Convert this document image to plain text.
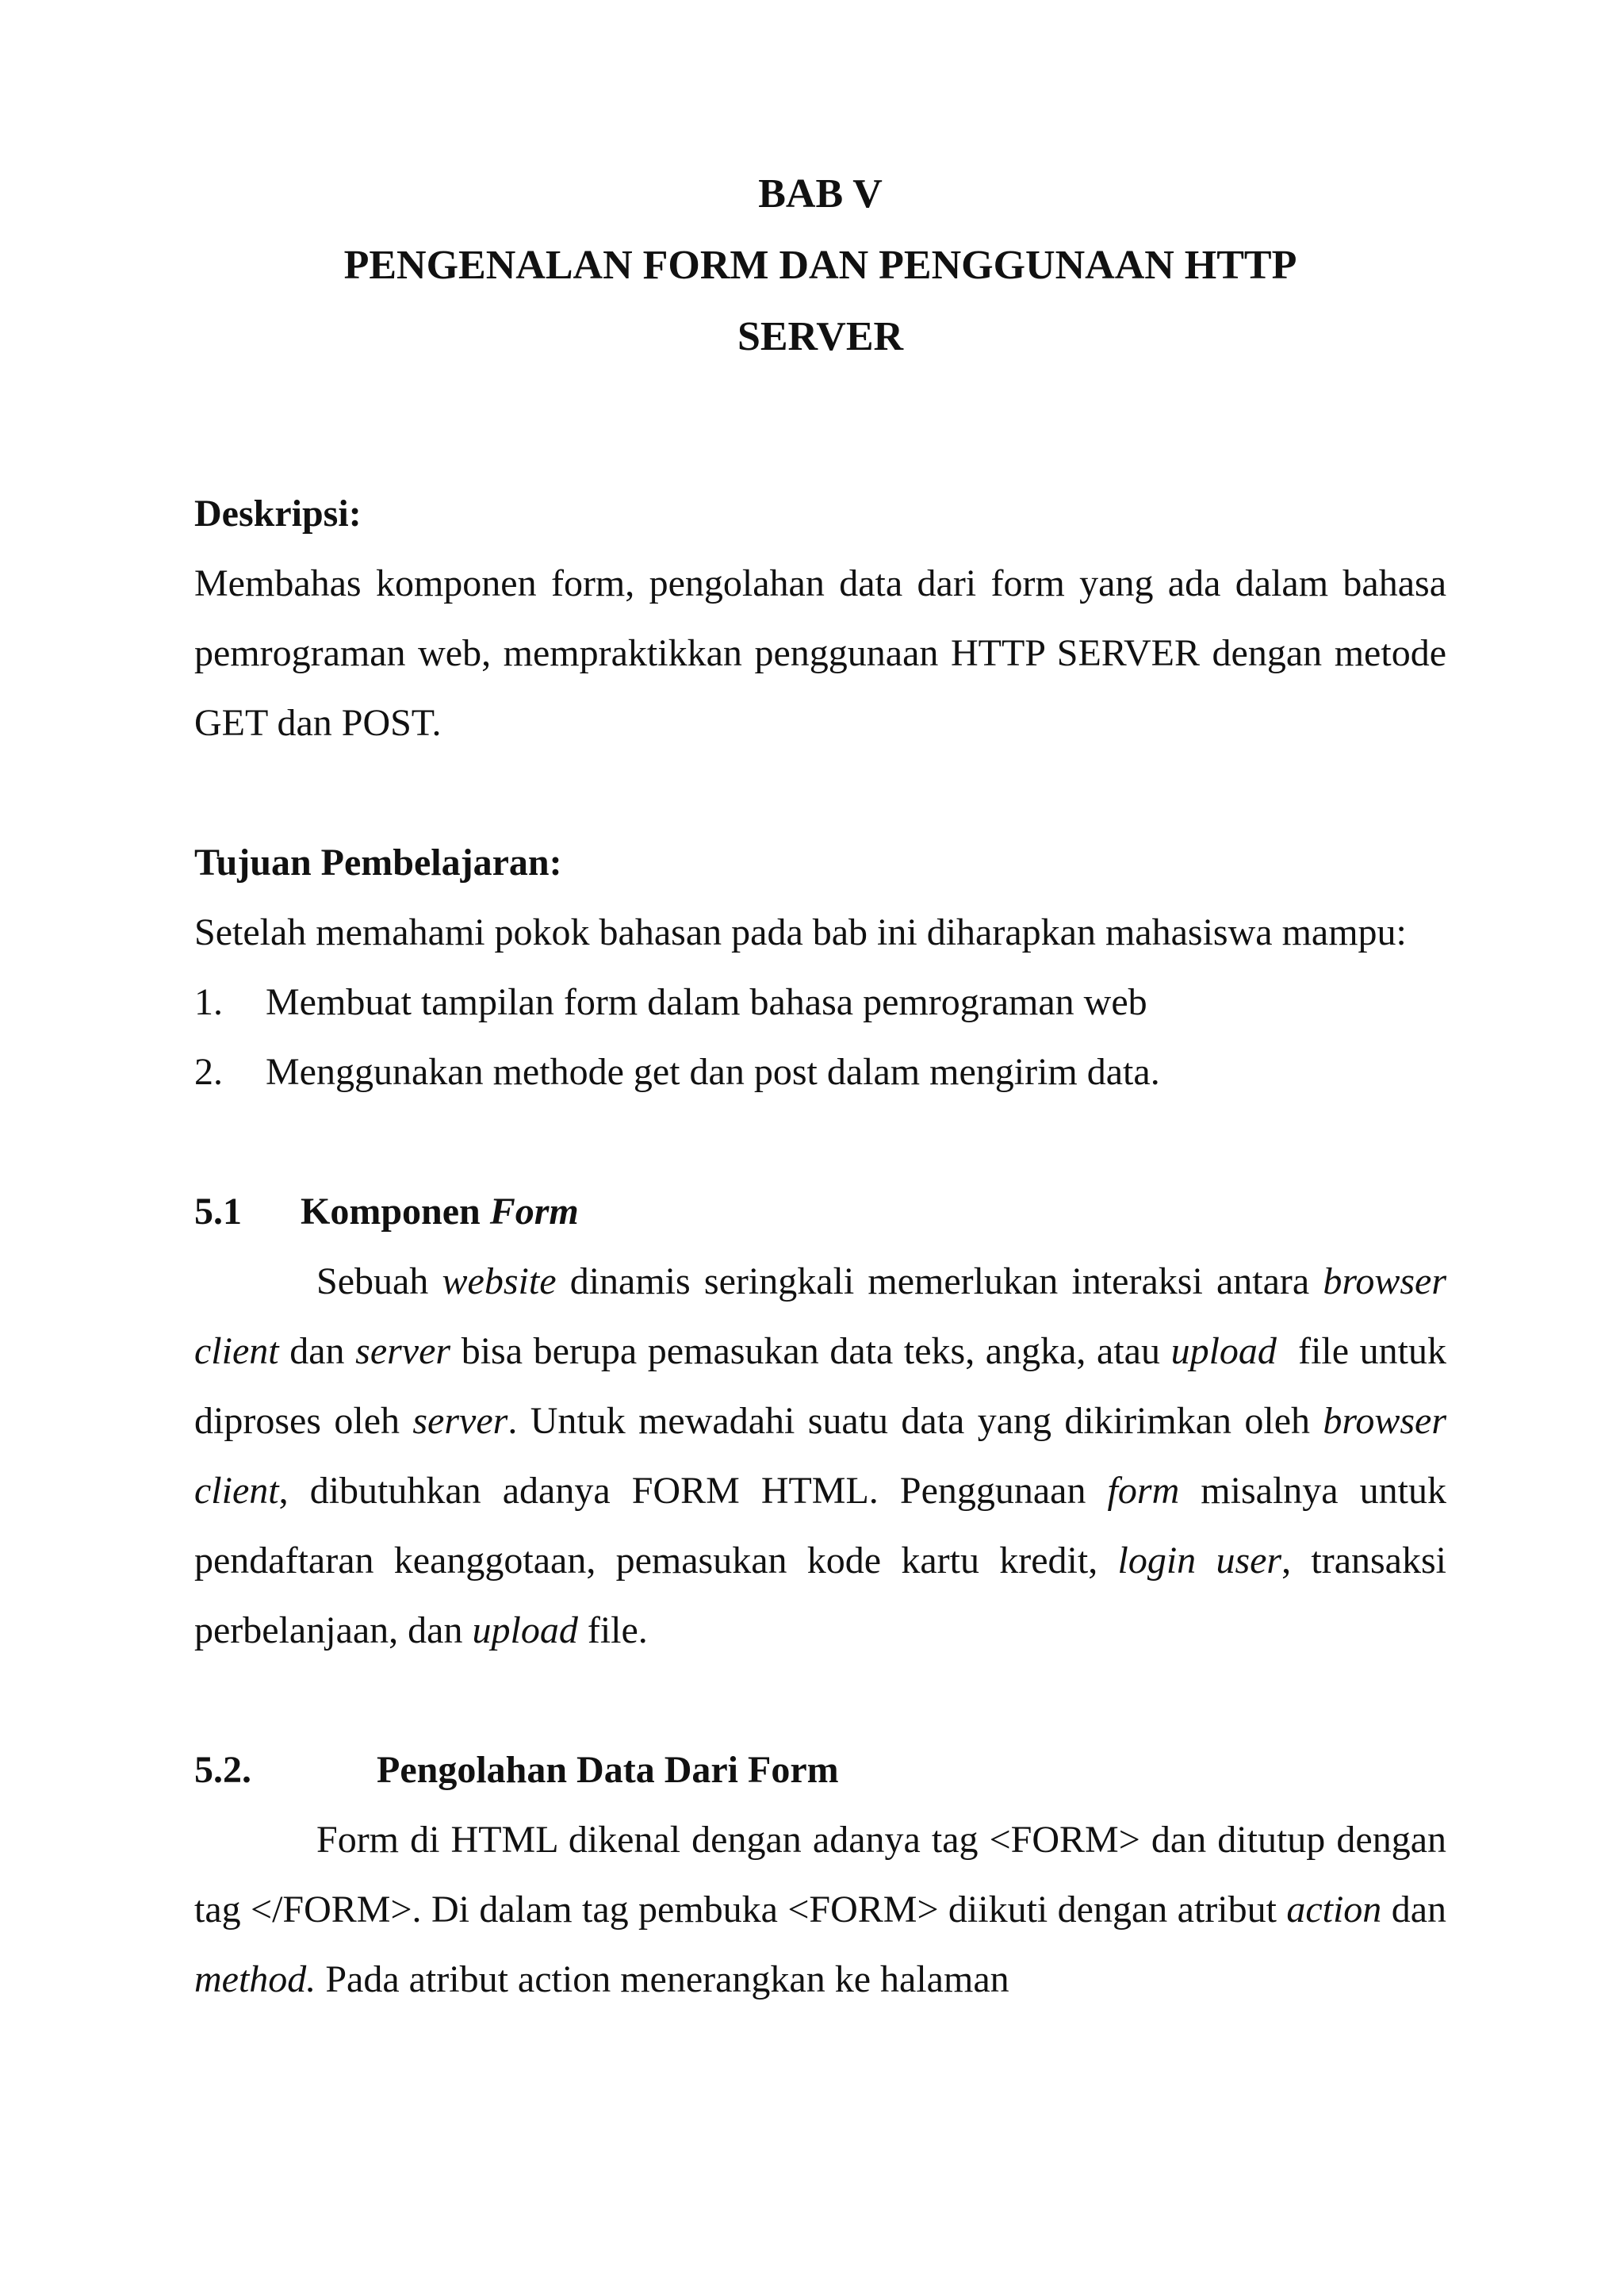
BAB V
PENGENALAN FORM DAN PENGGUNAAN HTTP
SERVER
Deskripsi:

Membahas komponen form, pengolahan data dari form yang ada dalam bahasa pemrograman web, mempraktikkan penggunaan HTTP SERVER dengan metode GET dan POST.

Tujuan Pembelajaran:

Setelah memahami pokok bahasan pada bab ini diharapkan mahasiswa mampu:

1.	Membuat tampilan form dalam bahasa pemrograman web
2.	Menggunakan methode get dan post dalam mengirim data.
5.1	Komponen Form

Sebuah website dinamis seringkali memerlukan interaksi antara browser client dan server bisa berupa pemasukan data teks, angka, atau upload  file untuk diproses oleh server. Untuk mewadahi suatu data yang dikirimkan oleh browser client, dibutuhkan adanya FORM HTML. Penggunaan form misalnya untuk pendaftaran keanggotaan, pemasukan kode kartu kredit, login user, transaksi perbelanjaan, dan upload file.

5.2.	Pengolahan Data Dari Form

Form di HTML dikenal dengan adanya tag <FORM> dan ditutup dengan tag </FORM>. Di dalam tag pembuka <FORM> diikuti dengan atribut action dan method. Pada atribut action menerangkan ke halaman
